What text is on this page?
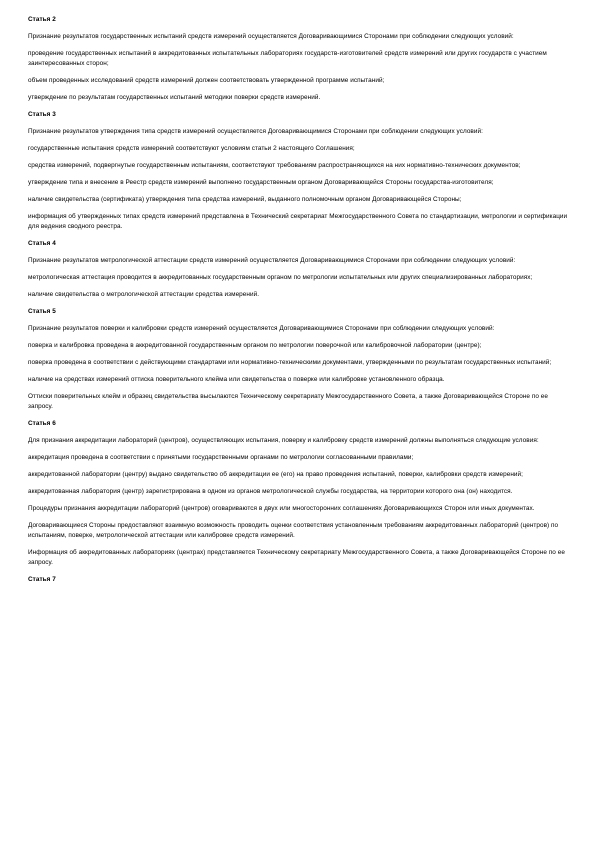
Статья 2
Признание результатов государственных испытаний средств измерений осуществляется Договаривающимися Сторонами при соблюдении следующих условий:
проведение государственных испытаний в аккредитованных испытательных лабораториях государств-изготовителей средств измерений или других государств с участием заинтересованных сторон;
объем проведенных исследований средств измерений должен соответствовать утвержденной программе испытаний;
утверждение по результатам государственных испытаний методики поверки средств измерений.
Статья 3
Признание результатов утверждения типа средств измерений осуществляется Договаривающимися Сторонами при соблюдении следующих условий:
государственные испытания средств измерений соответствуют условиям статьи 2 настоящего Соглашения;
средства измерений, подвергнутые государственным испытаниям, соответствуют требованиям распространяющихся на них нормативно-технических документов;
утверждение типа и внесение в Реестр средств измерений выполнено государственным органом Договаривающейся Стороны государства-изготовителя;
наличие свидетельства (сертификата) утверждения типа средства измерений, выданного полномочным органом Договаривающейся Стороны;
информация об утвержденных типах средств измерений представлена в Технический секретариат Межгосударственного Совета по стандартизации, метрологии и сертификации для ведения сводного реестра.
Статья 4
Признание результатов метрологической аттестации средств измерений осуществляется Договаривающимися Сторонами при соблюдении следующих условий:
метрологическая аттестация проводится в аккредитованных государственным органом по метрологии испытательных или других специализированных лабораториях;
наличие свидетельства о метрологической аттестации средства измерений.
Статья 5
Признание результатов поверки и калибровки средств измерений осуществляется Договаривающимися Сторонами при соблюдении следующих условий:
поверка и калибровка проведена в аккредитованной государственным органом по метрологии поверочной или калибровочной лаборатории (центре);
поверка проведена в соответствии с действующими стандартами или нормативно-техническими документами, утвержденными по результатам государственных испытаний;
наличие на средствах измерений оттиска поверительного клейма или свидетельства о поверке или калибровке установленного образца.
Оттиски поверительных клейм и образец свидетельства высылаются Техническому секретариату Межгосударственного Совета, а также Договаривающейся Стороне по ее запросу.
Статья 6
Для признания аккредитации лабораторий (центров), осуществляющих испытания, поверку и калибровку средств измерений должны выполняться следующие условия:
аккредитация проведена в соответствии с принятыми государственными органами по метрологии согласованными правилами;
аккредитованной лаборатории (центру) выдано свидетельство об аккредитации ее (его) на право проведения испытаний, поверки, калибровки средств измерений;
аккредитованная лаборатория (центр) зарегистрирована в одном из органов метрологической службы государства, на территории которого она (он) находится.
Процедуры признания аккредитации лабораторий (центров) оговариваются в двух или многосторонних соглашениях Договаривающихся Сторон или иных документах.
Договаривающиеся Стороны предоставляют взаимную возможность проводить оценки соответствия установленным требованиям аккредитованных лабораторий (центров) по испытаниям, поверке, метрологической аттестации или калибровке средств измерений.
Информация об аккредитованных лабораториях (центрах) представляется Техническому секретариату Межгосударственного Совета, а также Договаривающейся Стороне по ее запросу.
Статья 7
